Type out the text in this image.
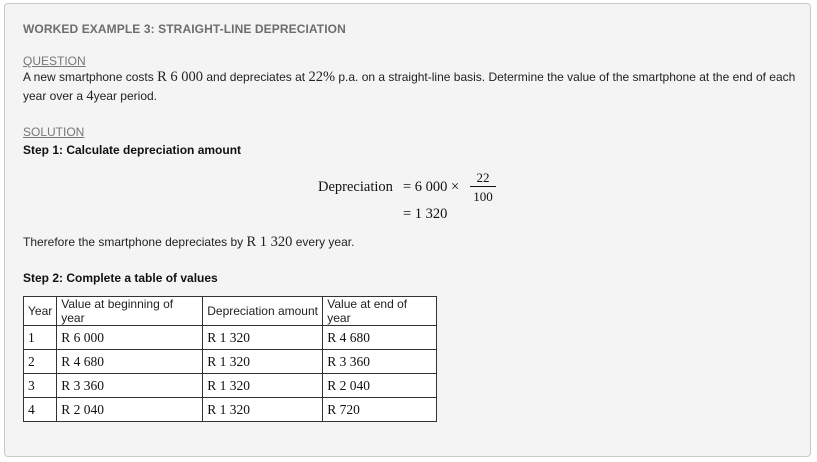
WORKED EXAMPLE 3: STRAIGHT-LINE DEPRECIATION
QUESTION
A new smartphone costs R 6 000 and depreciates at 22% p.a. on a straight-line basis. Determine the value of the smartphone at the end of each year over a 4year period.
SOLUTION
Step 1: Calculate depreciation amount
Depreciation = 6 000 ×
22
100
= 1 320
Therefore the smartphone depreciates by R 1 320 every year.
Step 2: Complete a table of values
Year	Value at beginning of year	Depreciation amount	Value at end of year
1	R 6 000	R 1 320	R 4 680
2	R 4 680	R 1 320	R 3 360
3	R 3 360	R 1 320	R 2 040
4	R 2 040	R 1 320	R 720
